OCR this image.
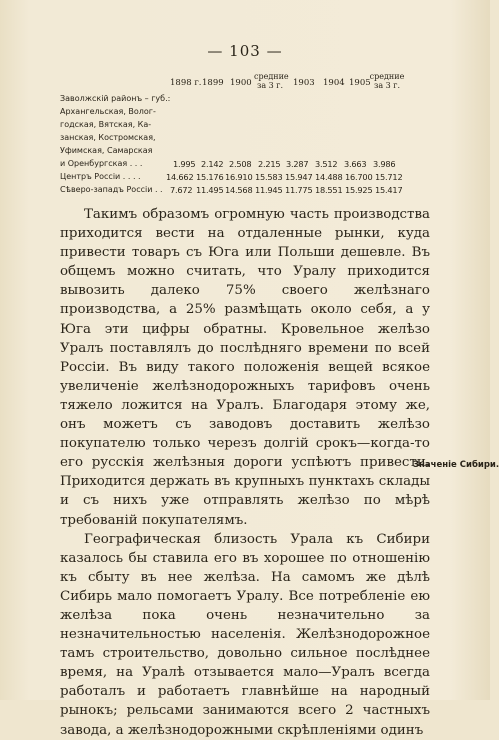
— 103 —
1898 г. 1899 1900
средние за 3 г.	1903 1904 1905
средние за 3 г.
Заволжскій районъ – губ.:
Архангельская, Волог-
годская, Вятская, Ка-
занская, Костромская,
Уфимская, Самарская
и Оренбургская . . .	1.995 2.142 2.508 2.215 3.287 3.512 3.663 3.986
Центръ Россіи . . . .	14.662 15.176 16.910 15.583 15.947 14.488 16.700 15.712
Сѣверо-западъ Россіи . . 7.672 11.495 14.568 11.945 11.775 18.551 15.925 15.417

Такимъ образомъ огромную часть производства приходится вести на отдаленные рынки, куда привести товаръ съ Юга или Польши дешевле. Въ общемъ можно считать, что Уралу приходится вывозить далеко 75% своего желѣзнаго производства, а 25% размѣщать около себя, а у Юга эти цифры обратны. Кровельное желѣзо Уралъ поставлялъ до послѣдняго времени по всей Россіи. Въ виду такого положенія вещей всякое увеличеніе желѣзнодорожныхъ тарифовъ очень тяжело ложится на Уралъ. Благодаря этому же, онъ можетъ съ заводовъ доставить желѣзо покупателю только черезъ долгій срокъ—когда-то его русскія желѣзныя дороги успѣютъ привести. Приходится держать въ крупныхъ пунктахъ склады и съ нихъ уже отправлять желѣзо по мѣрѣ требованій покупателямъ.

Географическая близость Урала къ Сибири казалось бы ставила его въ хорошее по отношенію къ сбыту въ нее желѣза. На самомъ же дѣлѣ Сибирь мало помогаетъ Уралу. Все потребленіе ею желѣза пока очень незначительно за незначительностью населенія. Желѣзнодорожное тамъ строительство, довольно сильное послѣднее время, на Уралѣ отзывается мало—Уралъ всегда работалъ и работаетъ главнѣйше на народный рынокъ; рельсами занимаются всего 2 частныхъ завода, а желѣзнодорожными скрѣпленіями одинъ

Значеніе Сибири.
